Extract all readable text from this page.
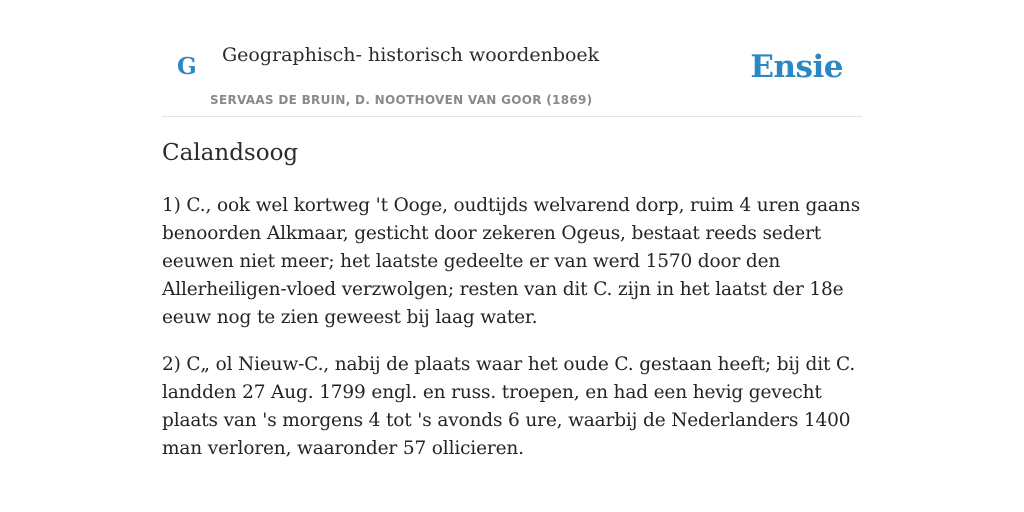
G Geographisch- historisch woordenboek
SERVAAS DE BRUIN, D. NOOTHOVEN VAN GOOR (1869)
Ensie
Calandsoog

1) C., ook wel kortweg 't Ooge, oudtijds welvarend dorp, ruim 4 uren gaans benoorden Alkmaar, gesticht door zekeren Ogeus, bestaat reeds sedert eeuwen niet meer; het laatste gedeelte er van werd 1570 door den Allerheiligen-vloed verzwolgen; resten van dit C. zijn in het laatst der 18e eeuw nog te zien geweest bij laag water.

2) C„ ol Nieuw-C., nabij de plaats waar het oude C. gestaan heeft; bij dit C. landden 27 Aug. 1799 engl. en russ. troepen, en had een hevig gevecht plaats van 's morgens 4 tot 's avonds 6 ure, waarbij de Nederlanders 1400 man verloren, waaronder 57 ollicieren.
